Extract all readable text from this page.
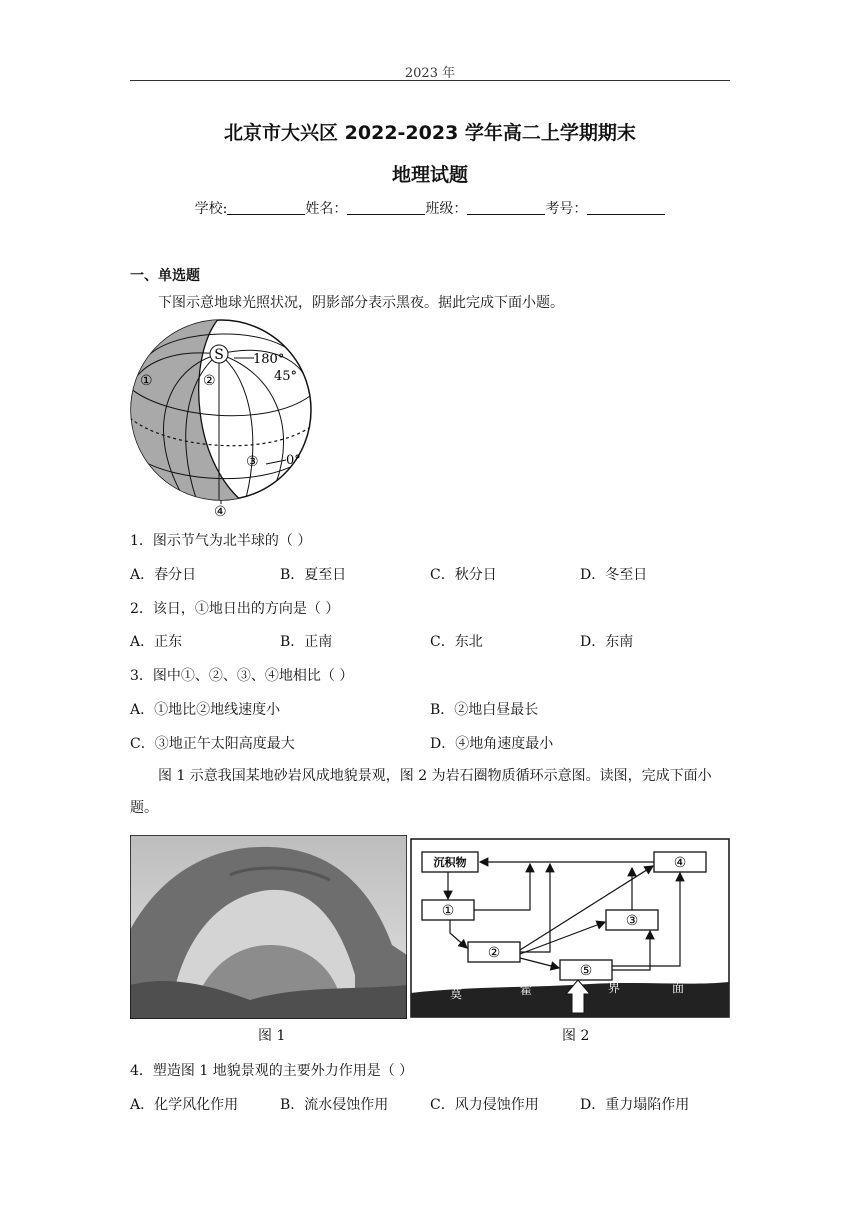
2023 年
北京市大兴区 2022-2023 学年高二上学期期末
地理试题
学校:	姓名：	班级：	考号：
一、单选题
下图示意地球光照状况，阴影部分表示黑夜。据此完成下面小题。
S 180°
45°
0°
①	②
③
④
1．图示节气为北半球的（ ）
A．春分日	B．夏至日	C．秋分日	D．冬至日
2．该日，①地日出的方向是（ ）
A．正东	B．正南	C．东北	D．东南
3．图中①、②、③、④地相比（ ）
A．①地比②地线速度小	B．②地白昼最长
C．③地正午太阳高度最大	D．④地角速度最小
图 1 示意我国某地砂岩风成地貌景观，图 2 为岩石圈物质循环示意图。读图，完成下面小题。
图 1
莫	霍	界	面
沉积物
①
②
③
④
⑤
图 2
4．塑造图 1 地貌景观的主要外力作用是（ ）
A．化学风化作用	B．流水侵蚀作用	C．风力侵蚀作用	D．重力塌陷作用
